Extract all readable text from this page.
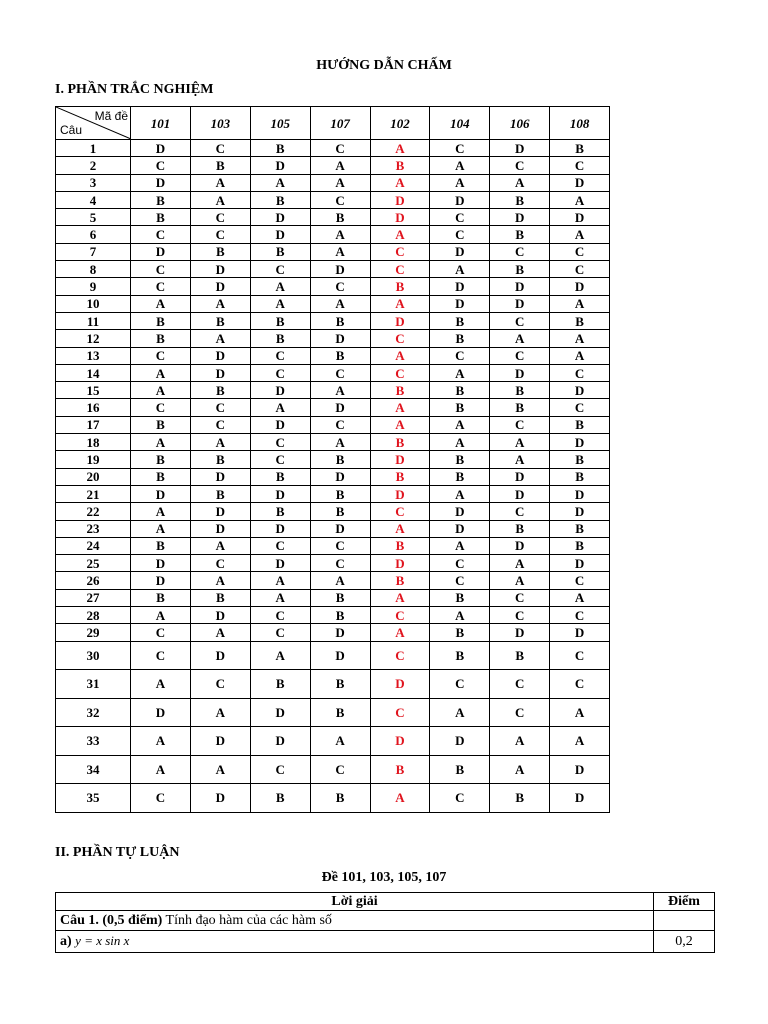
HƯỚNG DẪN CHẤM
I. PHẦN TRẮC NGHIỆM
Mã đề
Câu	101	103	105	107	102	104	106	108
1	D	C	B	C	A	C	D	B
2	C	B	D	A	B	A	C	C
3	D	A	A	A	A	A	A	D
4	B	A	B	C	D	D	B	A
5	B	C	D	B	D	C	D	D
6	C	C	D	A	A	C	B	A
7	D	B	B	A	C	D	C	C
8	C	D	C	D	C	A	B	C
9	C	D	A	C	B	D	D	D
10	A	A	A	A	A	D	D	A
11	B	B	B	B	D	B	C	B
12	B	A	B	D	C	B	A	A
13	C	D	C	B	A	C	C	A
14	A	D	C	C	C	A	D	C
15	A	B	D	A	B	B	B	D
16	C	C	A	D	A	B	B	C
17	B	C	D	C	A	A	C	B
18	A	A	C	A	B	A	A	D
19	B	B	C	B	D	B	A	B
20	B	D	B	D	B	B	D	B
21	D	B	D	B	D	A	D	D
22	A	D	B	B	C	D	C	D
23	A	D	D	D	A	D	B	B
24	B	A	C	C	B	A	D	B
25	D	C	D	C	D	C	A	D
26	D	A	A	A	B	C	A	C
27	B	B	A	B	A	B	C	A
28	A	D	C	B	C	A	C	C
29	C	A	C	D	A	B	D	D
30	C	D	A	D	C	B	B	C
31	A	C	B	B	D	C	C	C
32	D	A	D	B	C	A	C	A
33	A	D	D	A	D	D	A	A
34	A	A	C	C	B	B	A	D
35	C	D	B	B	A	C	B	D
II. PHẦN TỰ LUẬN
Đề 101, 103, 105, 107
Lời giải	Điểm
Câu 1. (0,5 điểm) Tính đạo hàm của các hàm số	
a) y = x sin x	0,2
